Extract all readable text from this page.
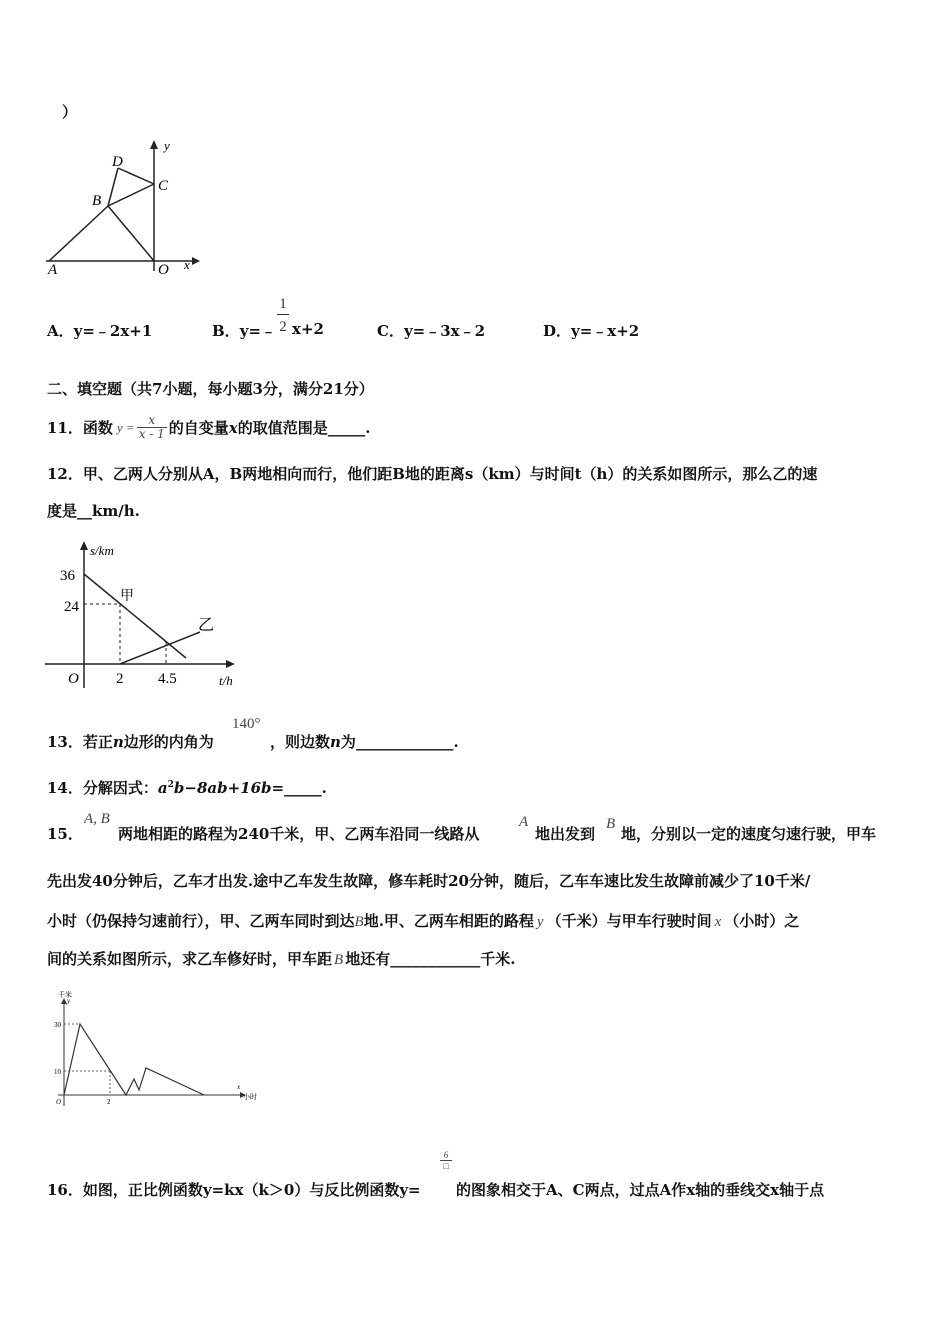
）
D
C
B
A	O x
y
A．y=﹣2x+1	B．y=﹣
1
2 x+2	C．y=﹣3x﹣2	D．y=﹣x+2
二、填空题（共7小题，每小题3分，满分21分）
11． 函数 $y = \frac{x}{x - 1}$ 的自变量 x 的取值范围是 _____ .
12．甲、乙两人分别从A，B两地相向而行，他们距B地的距离s（km）与时间t（h）的关系如图所示，那么乙的速
度是__km/h.
s/km
t/h
O
36
24
2 4.5
甲
乙
140°
13．若正n边形的内角为	，则边数n为_____________.
14．分解因式：$a^2b-8ab+16b=\_\_\_\_\_$.
A, B
15． 两地相距的路程为240千米，甲、乙两车沿同一线路从
A
地出发到
B
地，分别以一定的速度匀速行驶，甲车
先出发40分钟后，乙车才出发.途中乙车发生故障，修车耗时20分钟，随后，乙车车速比发生故障前减少了10千米/
小时（仍保持匀速前行），甲、乙两车同时到达B地.甲、乙两车相距的路程 y （千米）与甲车行驶时间 x （小时）之
间的关系如图所示，求乙车修好时，甲车距 B 地还有____________千米.
千米
y
x
小时
30
10
O	2
16．如图，正比例函数y=kx（k＞0）与反比例函数y=
6
□
的图象相交于A、C两点，过点A作x轴的垂线交x轴于点
